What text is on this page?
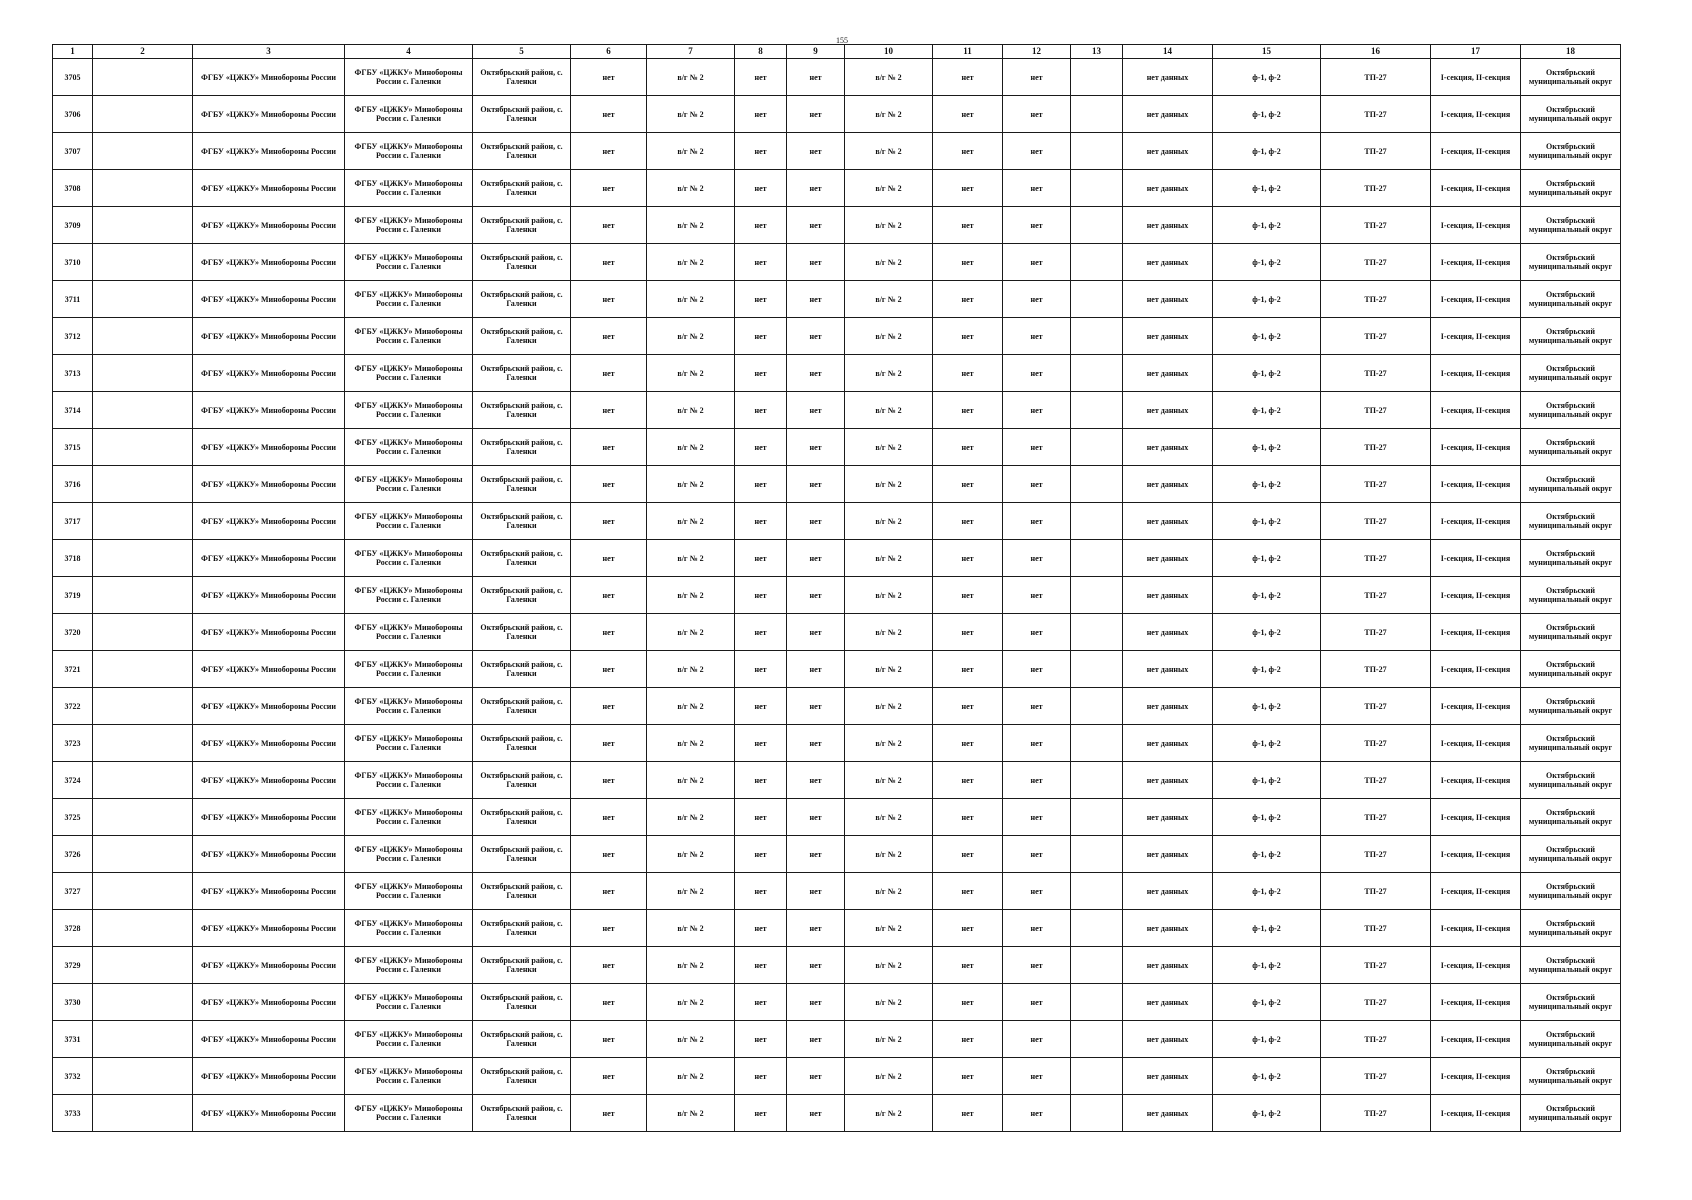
155
1	2	3	4	5	6	7	8	9	10	11	12	13	14	15	16	17	18
3705		ФГБУ «ЦЖКУ» Минобороны России	ФГБУ «ЦЖКУ» Минобороны России с. Галенки	Октябрьский район, с. Галенки	нет	в/г № 2	нет	нет	в/г № 2	нет	нет		нет данных	ф-1, ф-2	ТП-27	I-секция, II-секция	Октябрьский муниципальный округ
3706		ФГБУ «ЦЖКУ» Минобороны России	ФГБУ «ЦЖКУ» Минобороны России с. Галенки	Октябрьский район, с. Галенки	нет	в/г № 2	нет	нет	в/г № 2	нет	нет		нет данных	ф-1, ф-2	ТП-27	I-секция, II-секция	Октябрьский муниципальный округ
3707		ФГБУ «ЦЖКУ» Минобороны России	ФГБУ «ЦЖКУ» Минобороны России с. Галенки	Октябрьский район, с. Галенки	нет	в/г № 2	нет	нет	в/г № 2	нет	нет		нет данных	ф-1, ф-2	ТП-27	I-секция, II-секция	Октябрьский муниципальный округ
3708		ФГБУ «ЦЖКУ» Минобороны России	ФГБУ «ЦЖКУ» Минобороны России с. Галенки	Октябрьский район, с. Галенки	нет	в/г № 2	нет	нет	в/г № 2	нет	нет		нет данных	ф-1, ф-2	ТП-27	I-секция, II-секция	Октябрьский муниципальный округ
3709		ФГБУ «ЦЖКУ» Минобороны России	ФГБУ «ЦЖКУ» Минобороны России с. Галенки	Октябрьский район, с. Галенки	нет	в/г № 2	нет	нет	в/г № 2	нет	нет		нет данных	ф-1, ф-2	ТП-27	I-секция, II-секция	Октябрьский муниципальный округ
3710		ФГБУ «ЦЖКУ» Минобороны России	ФГБУ «ЦЖКУ» Минобороны России с. Галенки	Октябрьский район, с. Галенки	нет	в/г № 2	нет	нет	в/г № 2	нет	нет		нет данных	ф-1, ф-2	ТП-27	I-секция, II-секция	Октябрьский муниципальный округ
3711		ФГБУ «ЦЖКУ» Минобороны России	ФГБУ «ЦЖКУ» Минобороны России с. Галенки	Октябрьский район, с. Галенки	нет	в/г № 2	нет	нет	в/г № 2	нет	нет		нет данных	ф-1, ф-2	ТП-27	I-секция, II-секция	Октябрьский муниципальный округ
3712		ФГБУ «ЦЖКУ» Минобороны России	ФГБУ «ЦЖКУ» Минобороны России с. Галенки	Октябрьский район, с. Галенки	нет	в/г № 2	нет	нет	в/г № 2	нет	нет		нет данных	ф-1, ф-2	ТП-27	I-секция, II-секция	Октябрьский муниципальный округ
3713		ФГБУ «ЦЖКУ» Минобороны России	ФГБУ «ЦЖКУ» Минобороны России с. Галенки	Октябрьский район, с. Галенки	нет	в/г № 2	нет	нет	в/г № 2	нет	нет		нет данных	ф-1, ф-2	ТП-27	I-секция, II-секция	Октябрьский муниципальный округ
3714		ФГБУ «ЦЖКУ» Минобороны России	ФГБУ «ЦЖКУ» Минобороны России с. Галенки	Октябрьский район, с. Галенки	нет	в/г № 2	нет	нет	в/г № 2	нет	нет		нет данных	ф-1, ф-2	ТП-27	I-секция, II-секция	Октябрьский муниципальный округ
3715		ФГБУ «ЦЖКУ» Минобороны России	ФГБУ «ЦЖКУ» Минобороны России с. Галенки	Октябрьский район, с. Галенки	нет	в/г № 2	нет	нет	в/г № 2	нет	нет		нет данных	ф-1, ф-2	ТП-27	I-секция, II-секция	Октябрьский муниципальный округ
3716		ФГБУ «ЦЖКУ» Минобороны России	ФГБУ «ЦЖКУ» Минобороны России с. Галенки	Октябрьский район, с. Галенки	нет	в/г № 2	нет	нет	в/г № 2	нет	нет		нет данных	ф-1, ф-2	ТП-27	I-секция, II-секция	Октябрьский муниципальный округ
3717		ФГБУ «ЦЖКУ» Минобороны России	ФГБУ «ЦЖКУ» Минобороны России с. Галенки	Октябрьский район, с. Галенки	нет	в/г № 2	нет	нет	в/г № 2	нет	нет		нет данных	ф-1, ф-2	ТП-27	I-секция, II-секция	Октябрьский муниципальный округ
3718		ФГБУ «ЦЖКУ» Минобороны России	ФГБУ «ЦЖКУ» Минобороны России с. Галенки	Октябрьский район, с. Галенки	нет	в/г № 2	нет	нет	в/г № 2	нет	нет		нет данных	ф-1, ф-2	ТП-27	I-секция, II-секция	Октябрьский муниципальный округ
3719		ФГБУ «ЦЖКУ» Минобороны России	ФГБУ «ЦЖКУ» Минобороны России с. Галенки	Октябрьский район, с. Галенки	нет	в/г № 2	нет	нет	в/г № 2	нет	нет		нет данных	ф-1, ф-2	ТП-27	I-секция, II-секция	Октябрьский муниципальный округ
3720		ФГБУ «ЦЖКУ» Минобороны России	ФГБУ «ЦЖКУ» Минобороны России с. Галенки	Октябрьский район, с. Галенки	нет	в/г № 2	нет	нет	в/г № 2	нет	нет		нет данных	ф-1, ф-2	ТП-27	I-секция, II-секция	Октябрьский муниципальный округ
3721		ФГБУ «ЦЖКУ» Минобороны России	ФГБУ «ЦЖКУ» Минобороны России с. Галенки	Октябрьский район, с. Галенки	нет	в/г № 2	нет	нет	в/г № 2	нет	нет		нет данных	ф-1, ф-2	ТП-27	I-секция, II-секция	Октябрьский муниципальный округ
3722		ФГБУ «ЦЖКУ» Минобороны России	ФГБУ «ЦЖКУ» Минобороны России с. Галенки	Октябрьский район, с. Галенки	нет	в/г № 2	нет	нет	в/г № 2	нет	нет		нет данных	ф-1, ф-2	ТП-27	I-секция, II-секция	Октябрьский муниципальный округ
3723		ФГБУ «ЦЖКУ» Минобороны России	ФГБУ «ЦЖКУ» Минобороны России с. Галенки	Октябрьский район, с. Галенки	нет	в/г № 2	нет	нет	в/г № 2	нет	нет		нет данных	ф-1, ф-2	ТП-27	I-секция, II-секция	Октябрьский муниципальный округ
3724		ФГБУ «ЦЖКУ» Минобороны России	ФГБУ «ЦЖКУ» Минобороны России с. Галенки	Октябрьский район, с. Галенки	нет	в/г № 2	нет	нет	в/г № 2	нет	нет		нет данных	ф-1, ф-2	ТП-27	I-секция, II-секция	Октябрьский муниципальный округ
3725		ФГБУ «ЦЖКУ» Минобороны России	ФГБУ «ЦЖКУ» Минобороны России с. Галенки	Октябрьский район, с. Галенки	нет	в/г № 2	нет	нет	в/г № 2	нет	нет		нет данных	ф-1, ф-2	ТП-27	I-секция, II-секция	Октябрьский муниципальный округ
3726		ФГБУ «ЦЖКУ» Минобороны России	ФГБУ «ЦЖКУ» Минобороны России с. Галенки	Октябрьский район, с. Галенки	нет	в/г № 2	нет	нет	в/г № 2	нет	нет		нет данных	ф-1, ф-2	ТП-27	I-секция, II-секция	Октябрьский муниципальный округ
3727		ФГБУ «ЦЖКУ» Минобороны России	ФГБУ «ЦЖКУ» Минобороны России с. Галенки	Октябрьский район, с. Галенки	нет	в/г № 2	нет	нет	в/г № 2	нет	нет		нет данных	ф-1, ф-2	ТП-27	I-секция, II-секция	Октябрьский муниципальный округ
3728		ФГБУ «ЦЖКУ» Минобороны России	ФГБУ «ЦЖКУ» Минобороны России с. Галенки	Октябрьский район, с. Галенки	нет	в/г № 2	нет	нет	в/г № 2	нет	нет		нет данных	ф-1, ф-2	ТП-27	I-секция, II-секция	Октябрьский муниципальный округ
3729		ФГБУ «ЦЖКУ» Минобороны России	ФГБУ «ЦЖКУ» Минобороны России с. Галенки	Октябрьский район, с. Галенки	нет	в/г № 2	нет	нет	в/г № 2	нет	нет		нет данных	ф-1, ф-2	ТП-27	I-секция, II-секция	Октябрьский муниципальный округ
3730		ФГБУ «ЦЖКУ» Минобороны России	ФГБУ «ЦЖКУ» Минобороны России с. Галенки	Октябрьский район, с. Галенки	нет	в/г № 2	нет	нет	в/г № 2	нет	нет		нет данных	ф-1, ф-2	ТП-27	I-секция, II-секция	Октябрьский муниципальный округ
3731		ФГБУ «ЦЖКУ» Минобороны России	ФГБУ «ЦЖКУ» Минобороны России с. Галенки	Октябрьский район, с. Галенки	нет	в/г № 2	нет	нет	в/г № 2	нет	нет		нет данных	ф-1, ф-2	ТП-27	I-секция, II-секция	Октябрьский муниципальный округ
3732		ФГБУ «ЦЖКУ» Минобороны России	ФГБУ «ЦЖКУ» Минобороны России с. Галенки	Октябрьский район, с. Галенки	нет	в/г № 2	нет	нет	в/г № 2	нет	нет		нет данных	ф-1, ф-2	ТП-27	I-секция, II-секция	Октябрьский муниципальный округ
3733		ФГБУ «ЦЖКУ» Минобороны России	ФГБУ «ЦЖКУ» Минобороны России с. Галенки	Октябрьский район, с. Галенки	нет	в/г № 2	нет	нет	в/г № 2	нет	нет		нет данных	ф-1, ф-2	ТП-27	I-секция, II-секция	Октябрьский муниципальный округ
